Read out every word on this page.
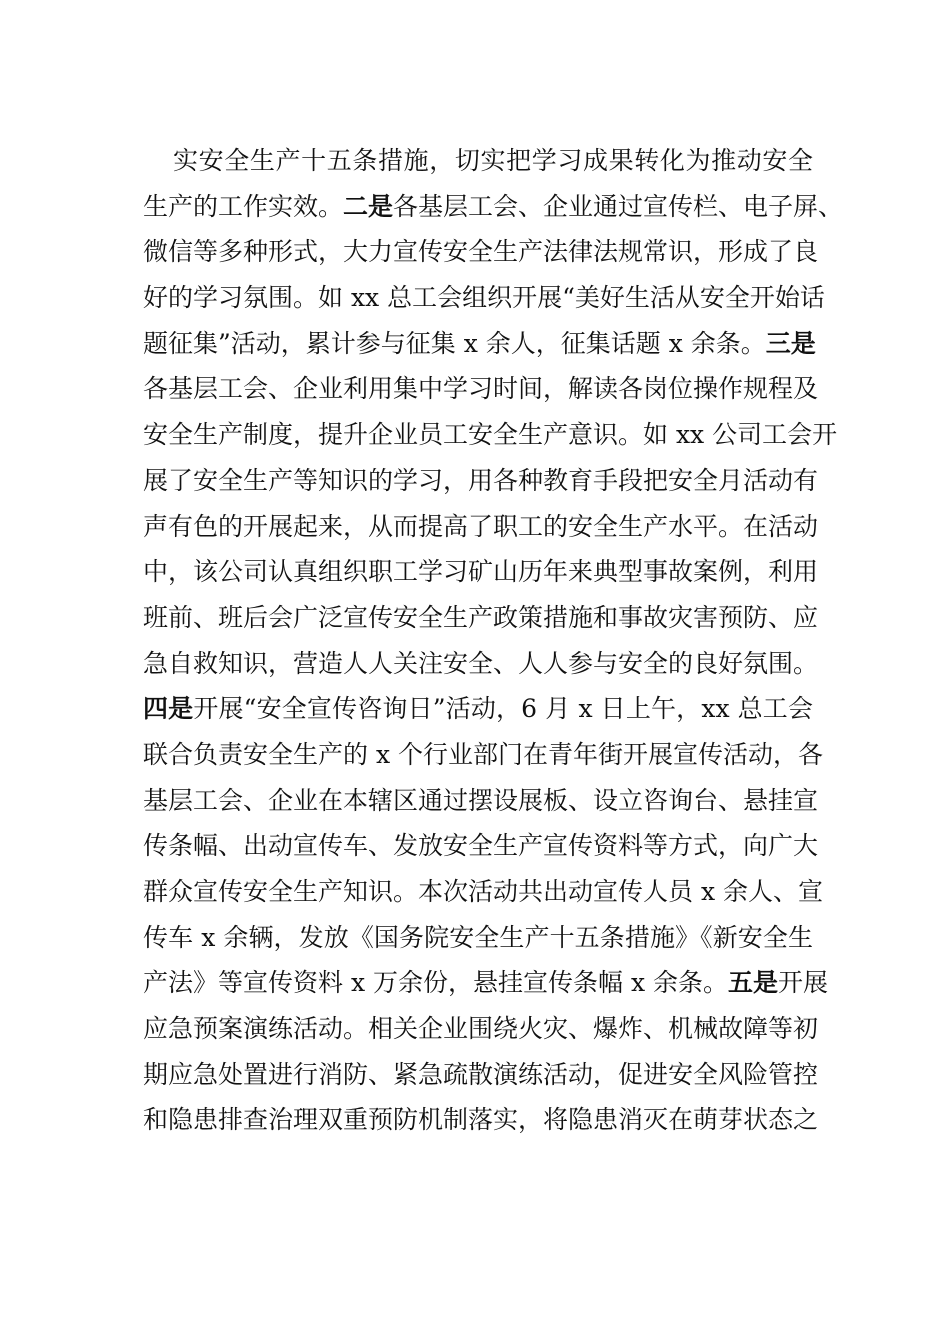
实安全生产十五条措施，切实把学习成果转化为推动安全
生产的工作实效。二是各基层工会、企业通过宣传栏、电子屏、
微信等多种形式，大力宣传安全生产法律法规常识，形成了良
好的学习氛围。如 xx 总工会组织开展“美好生活从安全开始话
题征集”活动，累计参与征集 x 余人，征集话题 x 余条。三是
各基层工会、企业利用集中学习时间，解读各岗位操作规程及
安全生产制度，提升企业员工安全生产意识。如 xx 公司工会开
展了安全生产等知识的学习，用各种教育手段把安全月活动有
声有色的开展起来，从而提高了职工的安全生产水平。在活动
中，该公司认真组织职工学习矿山历年来典型事故案例，利用
班前、班后会广泛宣传安全生产政策措施和事故灾害预防、应
急自救知识，营造人人关注安全、人人参与安全的良好氛围。
四是开展“安全宣传咨询日”活动，6 月 x 日上午，xx 总工会
联合负责安全生产的 x 个行业部门在青年街开展宣传活动，各
基层工会、企业在本辖区通过摆设展板、设立咨询台、悬挂宣
传条幅、出动宣传车、发放安全生产宣传资料等方式，向广大
群众宣传安全生产知识。本次活动共出动宣传人员 x 余人、宣
传车 x 余辆，发放《国务院安全生产十五条措施》《新安全生
产法》等宣传资料 x 万余份，悬挂宣传条幅 x 余条。五是开展
应急预案演练活动。相关企业围绕火灾、爆炸、机械故障等初
期应急处置进行消防、紧急疏散演练活动，促进安全风险管控
和隐患排查治理双重预防机制落实，将隐患消灭在萌芽状态之
